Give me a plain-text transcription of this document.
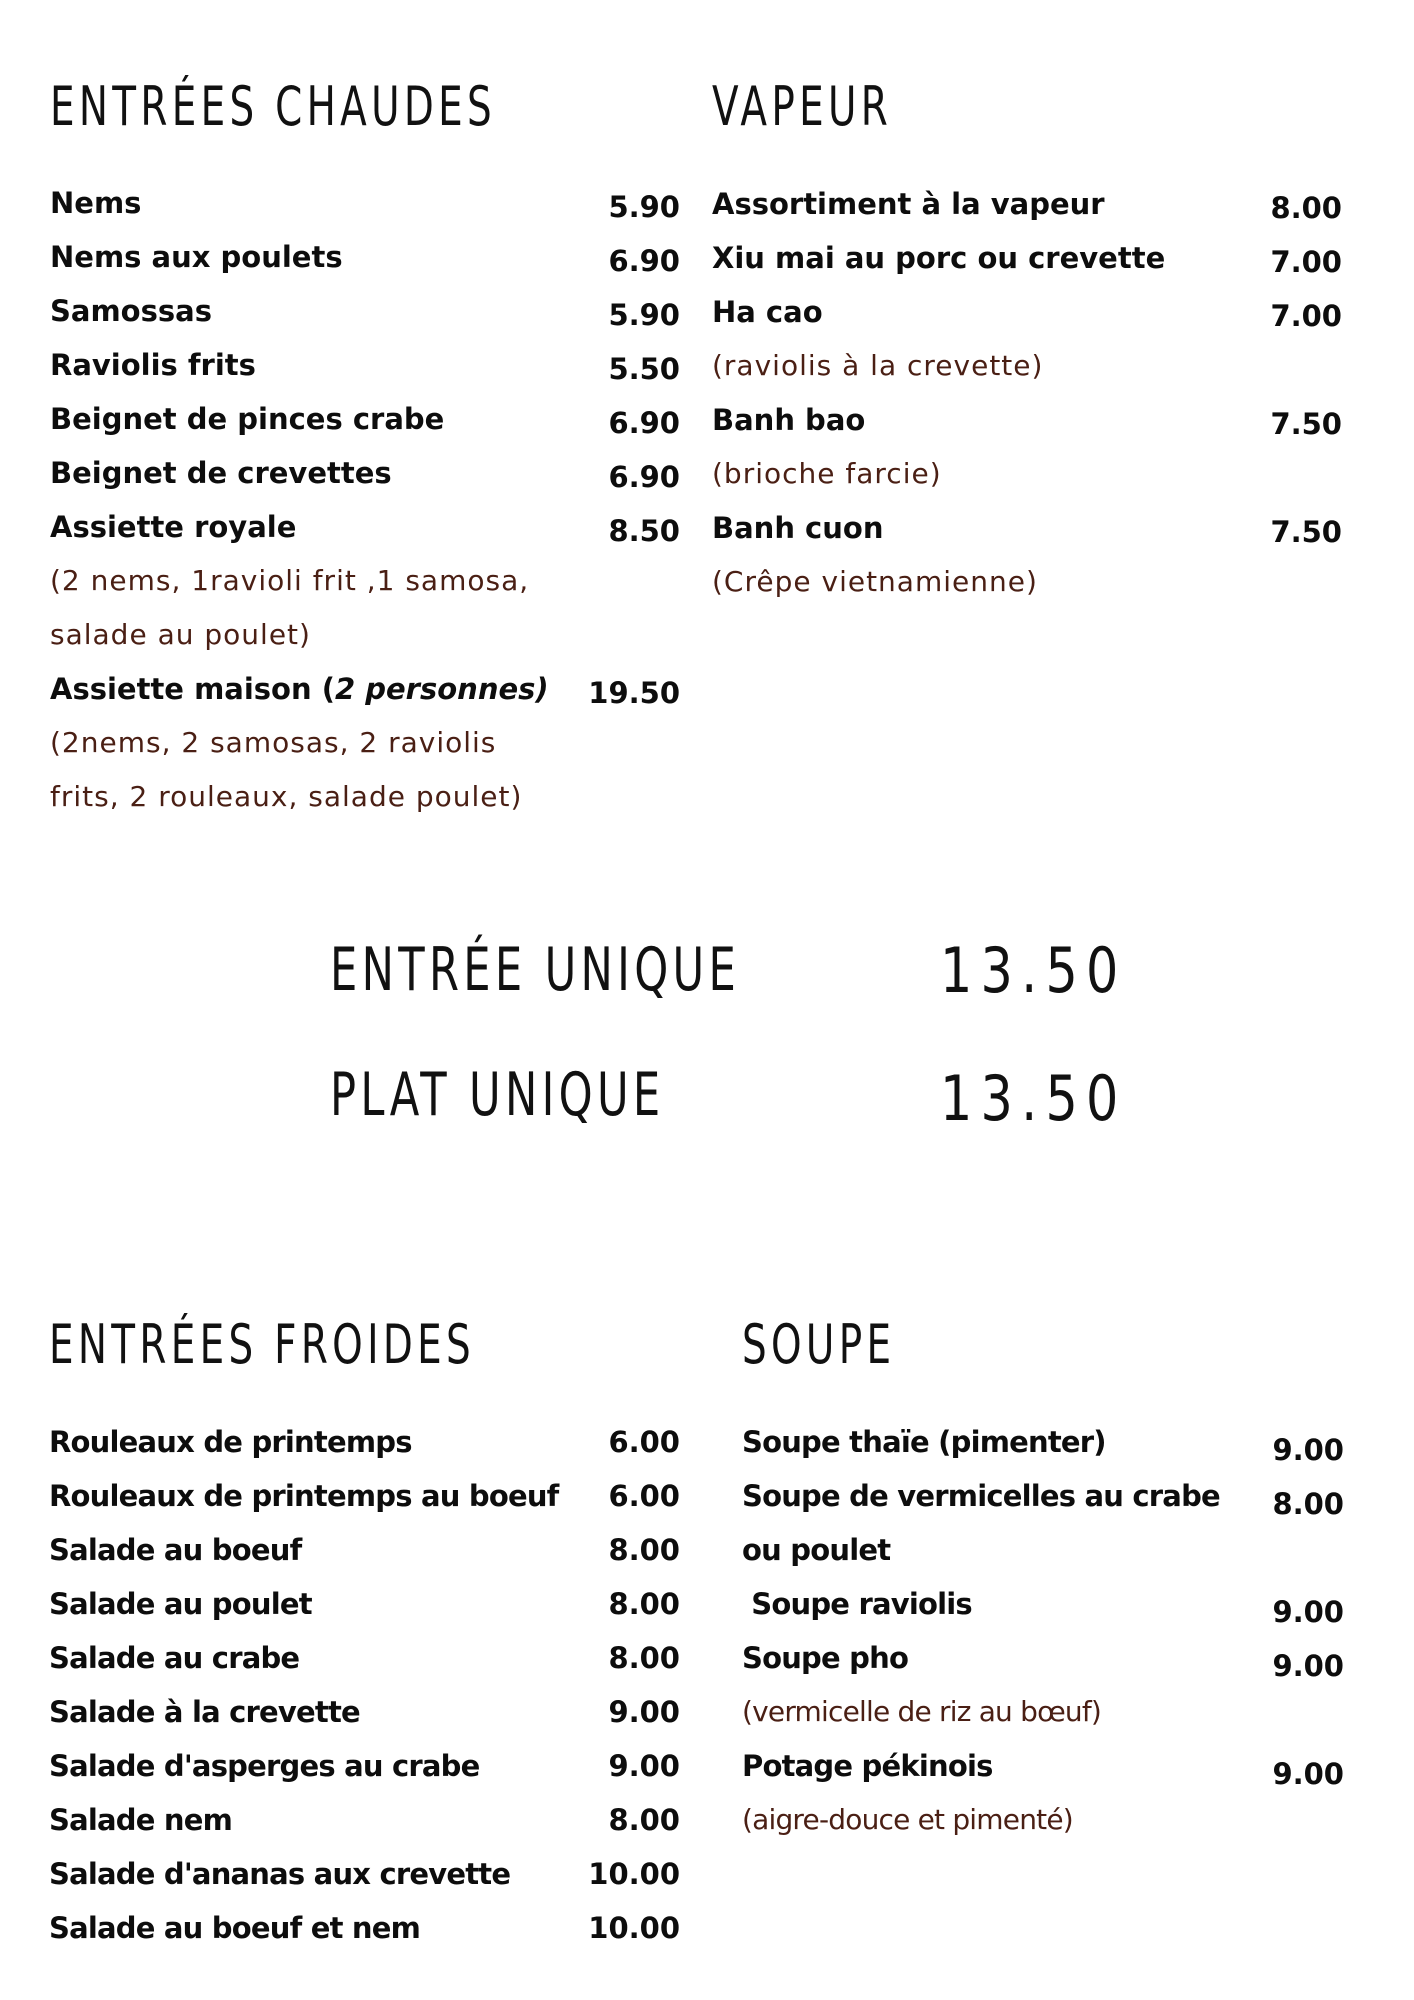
ENTRÉES CHAUDES
Nems	5.90
Nems aux poulets	6.90
Samossas	5.90
Raviolis frits	5.50
Beignet de pinces crabe	6.90
Beignet de crevettes	6.90
Assiette royale	8.50
(2 nems, 1ravioli frit ,1 samosa,
salade au poulet)
Assiette maison (2 personnes) 19.50
(2nems, 2 samosas, 2 raviolis
frits, 2 rouleaux, salade poulet)
VAPEUR
Assortiment à la vapeur	8.00
Xiu mai au porc ou crevette	7.00
Ha cao	7.00
(raviolis à la crevette)
Banh bao	7.50
(brioche farcie)
Banh cuon	7.50
(Crêpe vietnamienne)
ENTRÉE UNIQUE	13.50
PLAT UNIQUE	13.50
ENTRÉES FROIDES
Rouleaux de printemps	6.00
Rouleaux de printemps au boeuf 6.00
Salade au boeuf	8.00
Salade au poulet	8.00
Salade au crabe	8.00
Salade à la crevette	9.00
Salade d'asperges au crabe	9.00
Salade nem	8.00
Salade d'ananas aux crevette	10.00
Salade au boeuf et nem	10.00
SOUPE
Soupe thaïe (pimenter)	9.00
Soupe de vermicelles au crabe 8.00
ou poulet
Soupe raviolis	9.00
Soupe pho	9.00
(vermicelle de riz au bœuf)
Potage pékinois	9.00
(aigre-douce et pimenté)
